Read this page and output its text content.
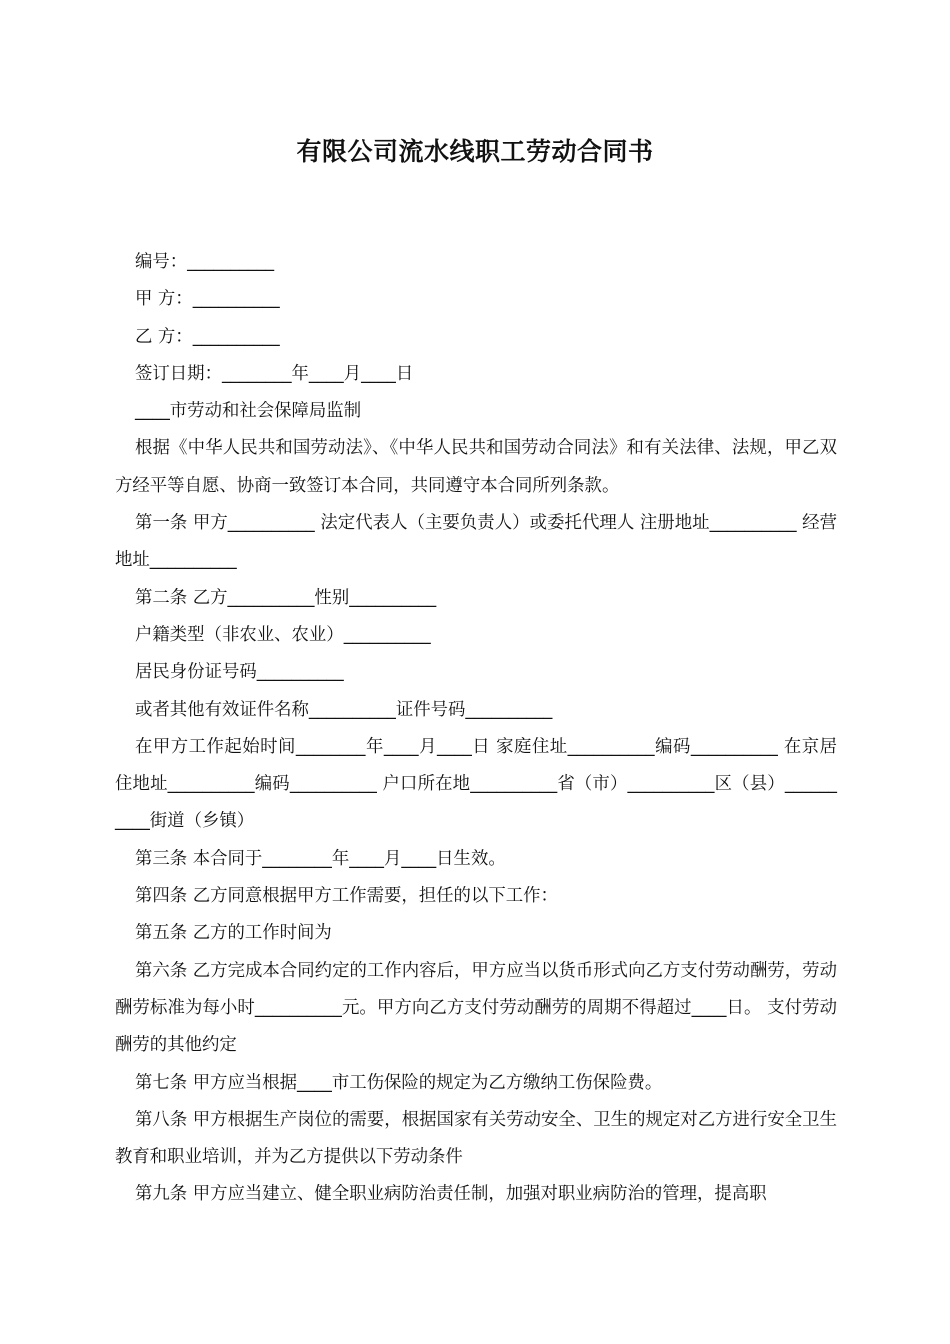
有限公司流水线职工劳动合同书

编号：__________

甲 方：__________

乙 方：__________

签订日期：________年____月____日

____市劳动和社会保障局监制

根据《中华人民共和国劳动法》、《中华人民共和国劳动合同法》和有关法律、法规，甲乙双方经平等自愿、协商一致签订本合同，共同遵守本合同所列条款。

第一条 甲方__________ 法定代表人（主要负责人）或委托代理人 注册地址__________ 经营地址__________

第二条 乙方__________性别__________

户籍类型（非农业、农业）__________

居民身份证号码__________

或者其他有效证件名称__________证件号码__________

在甲方工作起始时间________年____月____日 家庭住址__________编码__________ 在京居住地址__________编码__________ 户口所在地__________省（市）__________区（县）__________街道（乡镇）

第三条 本合同于________年____月____日生效。

第四条 乙方同意根据甲方工作需要，担任的以下工作：

第五条 乙方的工作时间为

第六条 乙方完成本合同约定的工作内容后，甲方应当以货币形式向乙方支付劳动酬劳，劳动酬劳标准为每小时__________元。甲方向乙方支付劳动酬劳的周期不得超过____日。 支付劳动酬劳的其他约定

第七条 甲方应当根据____市工伤保险的规定为乙方缴纳工伤保险费。

第八条 甲方根据生产岗位的需要，根据国家有关劳动安全、卫生的规定对乙方进行安全卫生教育和职业培训，并为乙方提供以下劳动条件

第九条 甲方应当建立、健全职业病防治责任制，加强对职业病防治的管理，提高职
